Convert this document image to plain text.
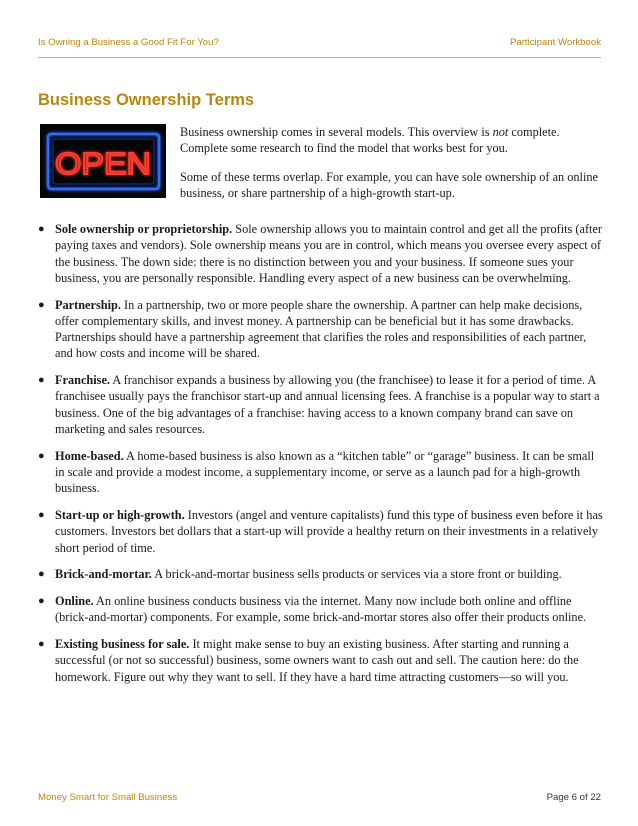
Is Owning a Business a Good Fit For You?	Participant Workbook
Business Ownership Terms
OPEN

Business ownership comes in several models. This overview is not complete. Complete some research to find the model that works best for you.

Some of these terms overlap. For example, you can have sole ownership of an online business, or share partnership of a high-growth start-up.

● Sole ownership or proprietorship. Sole ownership allows you to maintain control and get all the profits (after paying taxes and vendors). Sole ownership means you are in control, which means you oversee every aspect of the business. The down side: there is no distinction between you and your business. If someone sues your business, you are personally responsible. Handling every aspect of a new business can be overwhelming.
● Partnership. In a partnership, two or more people share the ownership. A partner can help make decisions, offer complementary skills, and invest money. A partnership can be beneficial but it has some drawbacks. Partnerships should have a partnership agreement that clarifies the roles and responsibilities of each partner, and how costs and income will be shared.
● Franchise. A franchisor expands a business by allowing you (the franchisee) to lease it for a period of time. A franchisee usually pays the franchisor start-up and annual licensing fees. A franchise is a popular way to start a business. One of the big advantages of a franchise: having access to a known company brand can save on marketing and sales resources.
● Home-based. A home-based business is also known as a “kitchen table” or “garage” business. It can be small in scale and provide a modest income, a supplementary income, or serve as a launch pad for a high-growth business.
● Start-up or high-growth. Investors (angel and venture capitalists) fund this type of business even before it has customers. Investors bet dollars that a start-up will provide a healthy return on their investments in a relatively short period of time.
● Brick-and-mortar. A brick-and-mortar business sells products or services via a store front or building.
● Online. An online business conducts business via the internet. Many now include both online and offline (brick-and-mortar) components. For example, some brick-and-mortar stores also offer their products online.
● Existing business for sale. It might make sense to buy an existing business. After starting and running a successful (or not so successful) business, some owners want to cash out and sell. The caution here: do the homework. Figure out why they want to sell. If they have a hard time attracting customers—so will you.
Money Smart for Small Business	Page 6 of 22
